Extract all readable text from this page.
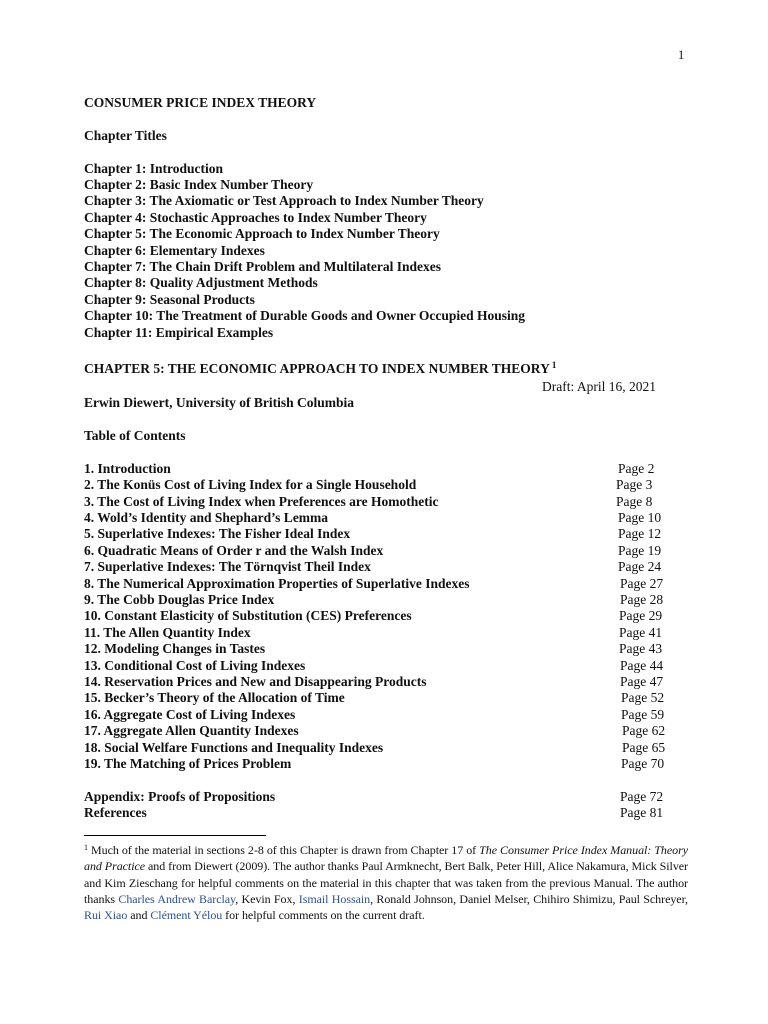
1
CONSUMER PRICE INDEX THEORY
Chapter Titles
Chapter 1: Introduction
Chapter 2: Basic Index Number Theory
Chapter 3: The Axiomatic or Test Approach to Index Number Theory
Chapter 4: Stochastic Approaches to Index Number Theory
Chapter 5: The Economic Approach to Index Number Theory
Chapter 6: Elementary Indexes
Chapter 7: The Chain Drift Problem and Multilateral Indexes
Chapter 8: Quality Adjustment Methods
Chapter 9: Seasonal Products
Chapter 10: The Treatment of Durable Goods and Owner Occupied Housing
Chapter 11: Empirical Examples
CHAPTER 5: THE ECONOMIC APPROACH TO INDEX NUMBER THEORY $^1$
Draft: April 16, 2021
Erwin Diewert, University of British Columbia
Table of Contents
1. Introduction	Page 2
2. The Konüs Cost of Living Index for a Single Household	Page 3
3. The Cost of Living Index when Preferences are Homothetic	Page 8
4. Wold’s Identity and Shephard’s Lemma	Page 10
5. Superlative Indexes: The Fisher Ideal Index	Page 12
6. Quadratic Means of Order r and the Walsh Index	Page 19
7. Superlative Indexes: The Törnqvist Theil Index	Page 24
8. The Numerical Approximation Properties of Superlative Indexes	Page 27
9. The Cobb Douglas Price Index	Page 28
10. Constant Elasticity of Substitution (CES) Preferences	Page 29
11. The Allen Quantity Index	Page 41
12. Modeling Changes in Tastes	Page 43
13. Conditional Cost of Living Indexes	Page 44
14. Reservation Prices and New and Disappearing Products	Page 47
15. Becker’s Theory of the Allocation of Time	Page 52
16. Aggregate Cost of Living Indexes	Page 59
17. Aggregate Allen Quantity Indexes	Page 62
18. Social Welfare Functions and Inequality Indexes	Page 65
19. The Matching of Prices Problem	Page 70
Appendix: Proofs of Propositions	Page 72
References	Page 81
$^1$ Much of the material in sections 2-8 of this Chapter is drawn from Chapter 17 of The Consumer Price Index Manual: Theory and Practice and from Diewert (2009). The author thanks Paul Armknecht, Bert Balk, Peter Hill, Alice Nakamura, Mick Silver and Kim Zieschang for helpful comments on the material in this chapter that was taken from the previous Manual. The author thanks Charles Andrew Barclay, Kevin Fox, Ismail Hossain, Ronald Johnson, Daniel Melser, Chihiro Shimizu, Paul Schreyer, Rui Xiao and Clément Yélou for helpful comments on the current draft.
